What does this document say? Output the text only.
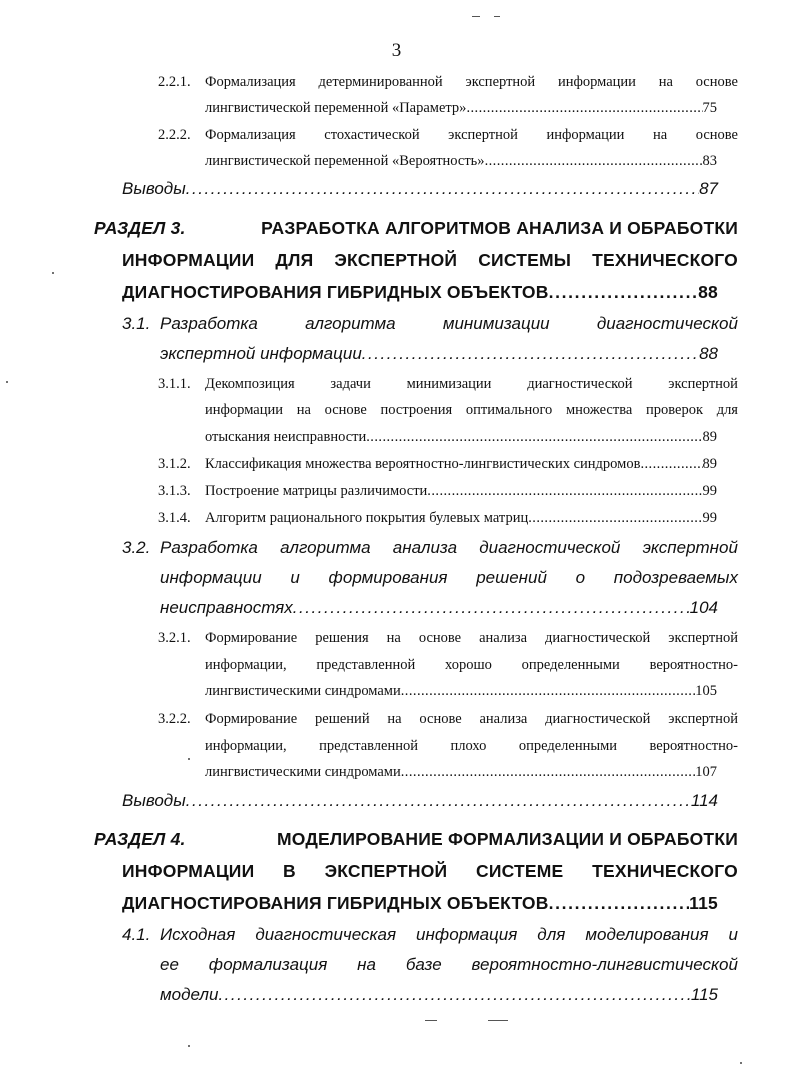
3
2.2.1. Формализация детерминированной экспертной информации на основе
лингвистической переменной «Параметр» . . .	75
2.2.2. Формализация стохастической экспертной информации на основе
лингвистической переменной «Вероятность» . . .	83
Выводы . . .	87
РАЗДЕЛ 3.	РАЗРАБОТКА АЛГОРИТМОВ АНАЛИЗА И ОБРАБОТКИ
ИНФОРМАЦИИ ДЛЯ ЭКСПЕРТНОЙ СИСТЕМЫ ТЕХНИЧЕСКОГО
ДИАГНОСТИРОВАНИЯ ГИБРИДНЫХ ОБЪЕКТОВ . . .	88
3.1. Разработка	алгоритма	минимизации	диагностической
экспертной информации . . .	88
3.1.1. Декомпозиция задачи минимизации диагностической экспертной
информации на основе построения оптимального множества проверок для
отыскания неисправности . . .	89
3.1.2. Классификация множества вероятностно-лингвистических синдромов . . .	89
3.1.3. Построение матрицы различимости . . .	99
3.1.4. Алгоритм рационального покрытия булевых матриц . . .	99
3.2. Разработка алгоритма анализа диагностической экспертной
информации и формирования решений о подозреваемых
неисправностях . . .	104
3.2.1. Формирование решения на основе анализа диагностической экспертной
информации, представленной хорошо определенными вероятностно-
лингвистическими синдромами . . .	105
3.2.2. Формирование решений на основе анализа диагностической экспертной
информации, представленной плохо определенными вероятностно-
лингвистическими синдромами . . .	107
Выводы . . .	114
РАЗДЕЛ 4.	МОДЕЛИРОВАНИЕ ФОРМАЛИЗАЦИИ И ОБРАБОТКИ
ИНФОРМАЦИИ В ЭКСПЕРТНОЙ СИСТЕМЕ ТЕХНИЧЕСКОГО
ДИАГНОСТИРОВАНИЯ ГИБРИДНЫХ ОБЪЕКТОВ . . .	115
4.1. Исходная диагностическая информация для моделирования и
ее формализация на базе вероятностно-лингвистической
модели . . .	115
